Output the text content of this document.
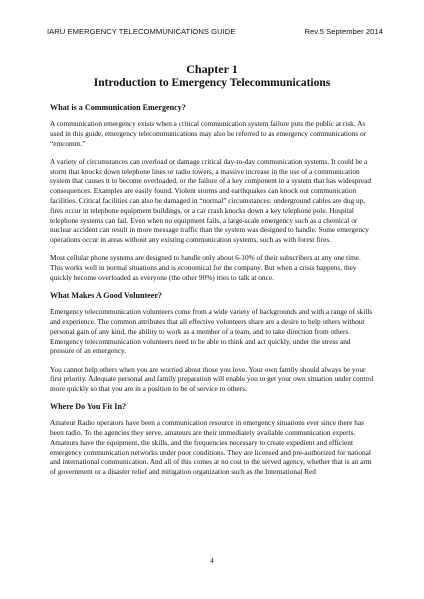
IARU EMERGENCY TELECOMMUNICATIONS GUIDE	Rev.5 September 2014
Chapter 1
Introduction to Emergency Telecommunications
What is a Communication Emergency?

A communication emergency exists when a critical communication system failure puts the public at risk. As used in this guide, emergency telecommunications may also be referred to as emergency communications or “emcomm.”

A variety of circumstances can overload or damage critical day-to-day communication systems. It could be a storm that knocks down telephone lines or radio towers, a massive increase in the use of a communication system that causes it to become overloaded, or the failure of a key component in a system that has widespread consequences. Examples are easily found. Violent storms and earthquakes can knock out communication facilities. Critical facilities can also be damaged in “normal” circumstances: underground cables are dug up, fires occur in telephone equipment buildings, or a car crash knocks down a key telephone pole. Hospital telephone systems can fail. Even when no equipment fails, a large-scale emergency such as a chemical or nuclear accident can result in more message traffic than the system was designed to handle. Some emergency operations occur in areas without any existing communication systems, such as with forest fires.

Most cellular phone systems are designed to handle only about 6-10% of their subscribers at any one time. This works well in normal situations and is economical for the company. But when a crisis happens, they quickly become overloaded as everyone (the other 90%) tries to talk at once.

What Makes A Good Volunteer?

Emergency telecommunication volunteers come from a wide variety of backgrounds and with a range of skills and experience. The common attributes that all effective volunteers share are a desire to help others without personal gain of any kind, the ability to work as a member of a team, and to take direction from others. Emergency telecommunication volunteers need to be able to think and act quickly, under the stress and pressure of an emergency.

You cannot help others when you are worried about those you love. Your own family should always be your first priority. Adequate personal and family preparation will enable you to get your own situation under control more quickly so that you are in a position to be of service to others.

Where Do You Fit In?

Amateur Radio operators have been a communication resource in emergency situations ever since there has been radio. To the agencies they serve, amateurs are their immediately available communication experts. Amateurs have the equipment, the skills, and the frequencies necessary to create expedient and efficient emergency communication networks under poor conditions. They are licensed and pre-authorized for national and international communication. And all of this comes at no cost to the served agency, whether that is an arm of government or a disaster relief and mitigation organization such as the International Red

4
